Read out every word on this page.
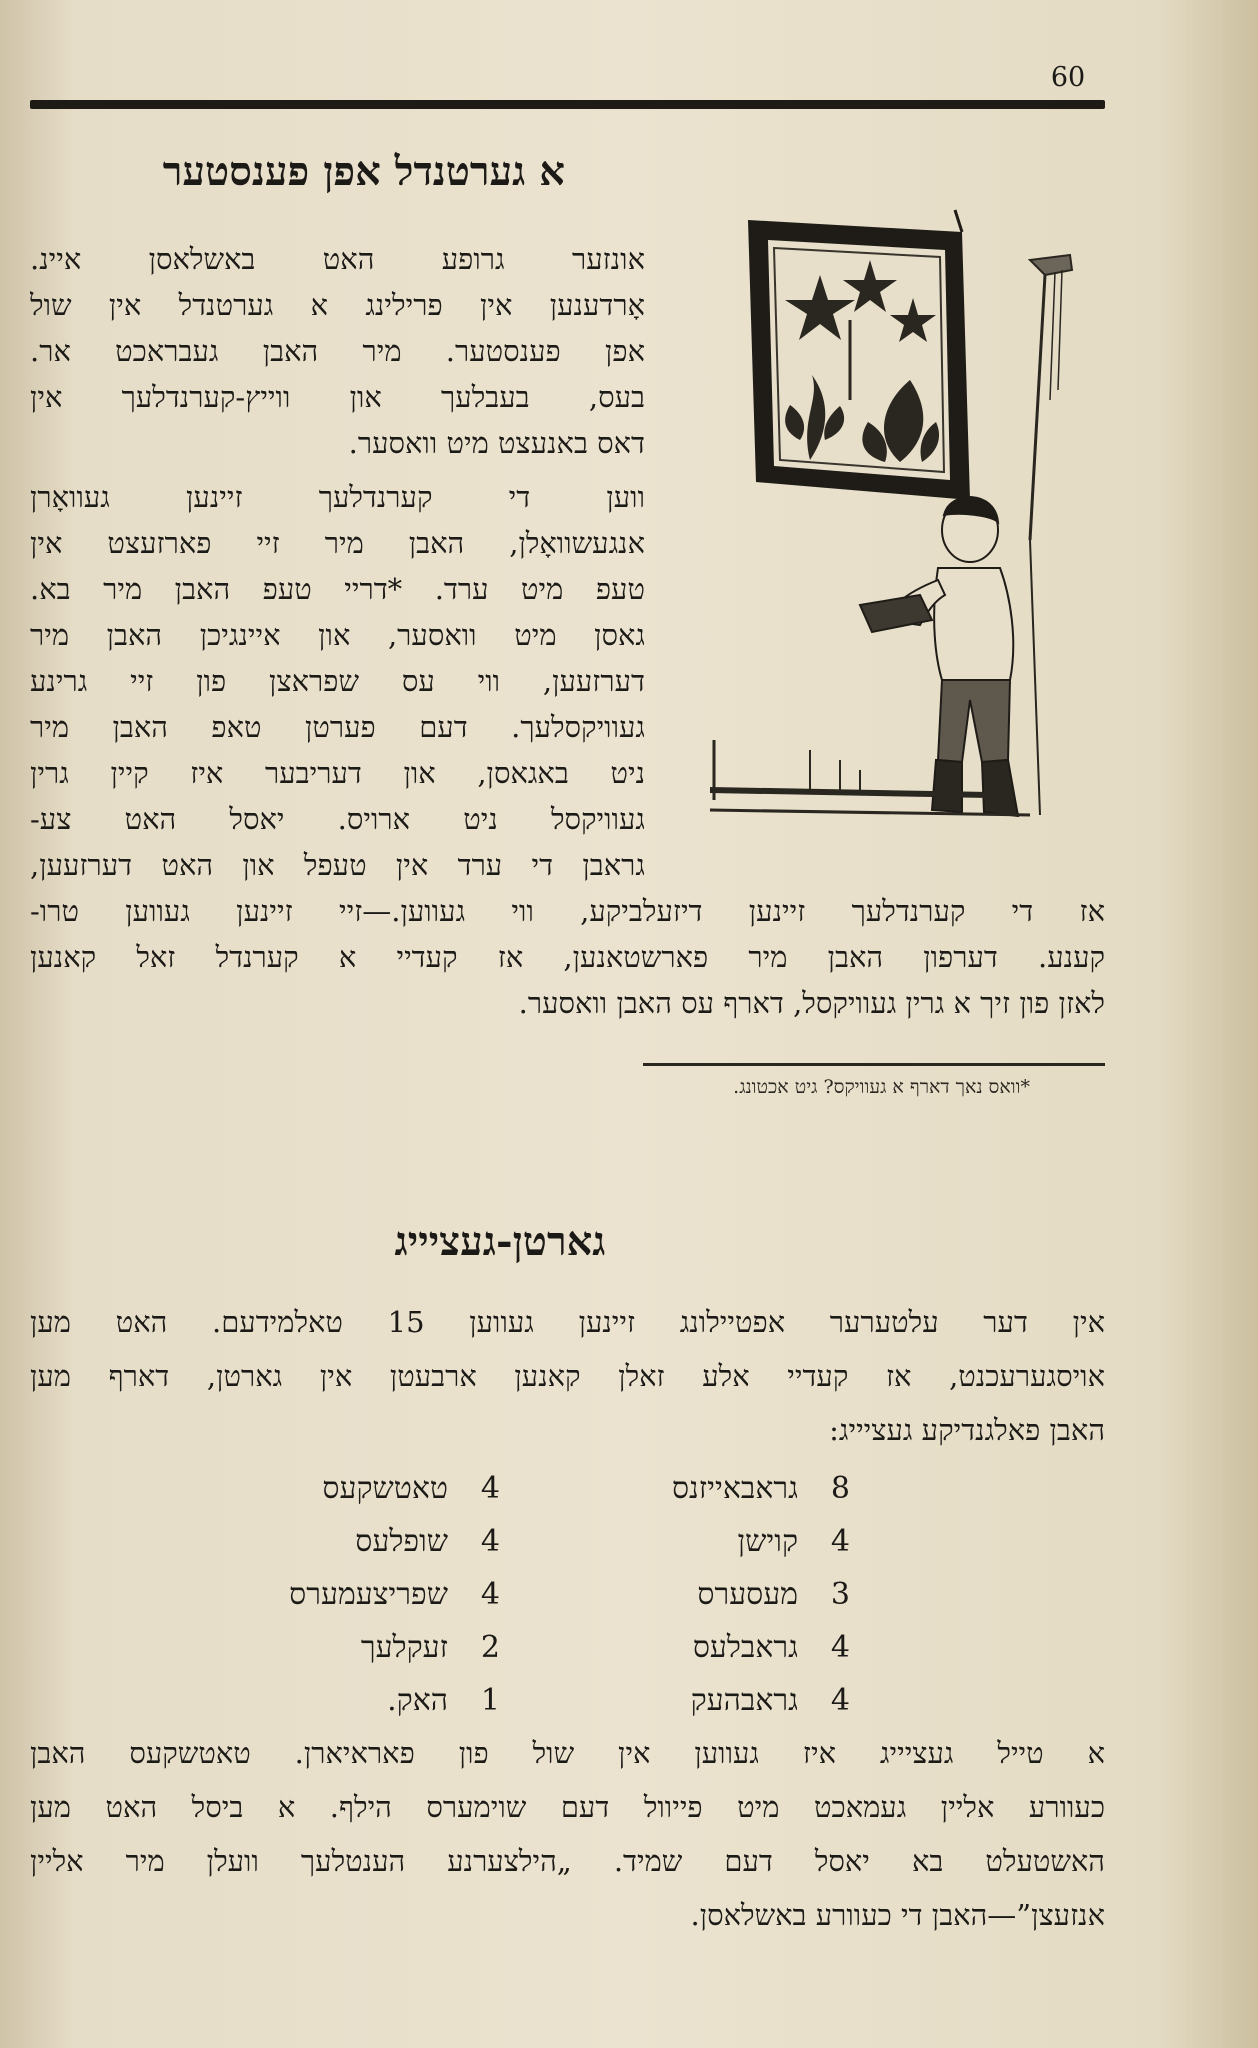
60
א גערטנדל אפן פענסטער
אונזער גרופע האט באשלאסן איינ.
אָרדענען אין פרילינג א גערטנדל אין שול
אפן פענסטער. מיר האבן געבראכט אר.
בעס, בעבלעך און ווייץ-קערנדלעך אין
דאס באנעצט מיט וואסער.
ווען די קערנדלעך זיינען געוואָרן
אנגעשוואָלן, האבן מיר זיי פארזעצט אין
טעפ מיט ערד. *דריי טעפ האבן מיר בא.
גאסן מיט וואסער, און איינגיכן האבן מיר
דערזעען, ווי עס שפראצן פון זיי גרינע
געוויקסלעך. דעם פערטן טאפ האבן מיר
ניט באגאסן, און דעריבער איז קיין גרין
געוויקסל ניט ארויס. יאסל האט צע-
גראבן די ערד אין טעפל און האט דערזעען,
אז די קערנדלעך זיינען דיזעלביקע, ווי געווען.—זיי זיינען געווען טרו-
קענע. דערפון האבן מיר פארשטאנען, אז קעדיי א קערנדל זאל קאנען
לאזן פון זיך א גרין געוויקסל, דארף עס האבן וואסער.
*וואס נאך דארף א געוויקס? גיט אכטונג.
גארטן-געציייג
אין דער עלטערער אפטיילונג זיינען געווען 15 טאלמידעם. האט מען
אויסגערעכנט, אז קעדיי אלע זאלן קאנען ארבעטן אין גארטן, דארף מען
האבן פאלגנדיקע געציייג:
8
גראבאייזנס
4
קוישן
3
מעסערס
4
גראבלעס
4
גראבהעק
4
טאטשקעס
4
שופלעס
4
שפריצעמערס
2
זעקלעך
1
האק.
א טייל געציייג איז געווען אין שול פון פאראיארן. טאטשקעס האבן
כעוורע אליין געמאכט מיט פייוול דעם שוימערס הילף. א ביסל האט מען
האשטעלט בא יאסל דעם שמיד. „הילצערנע הענטלעך וועלן מיר אליין
אנזעצן”—האבן די כעוורע באשלאסן.
